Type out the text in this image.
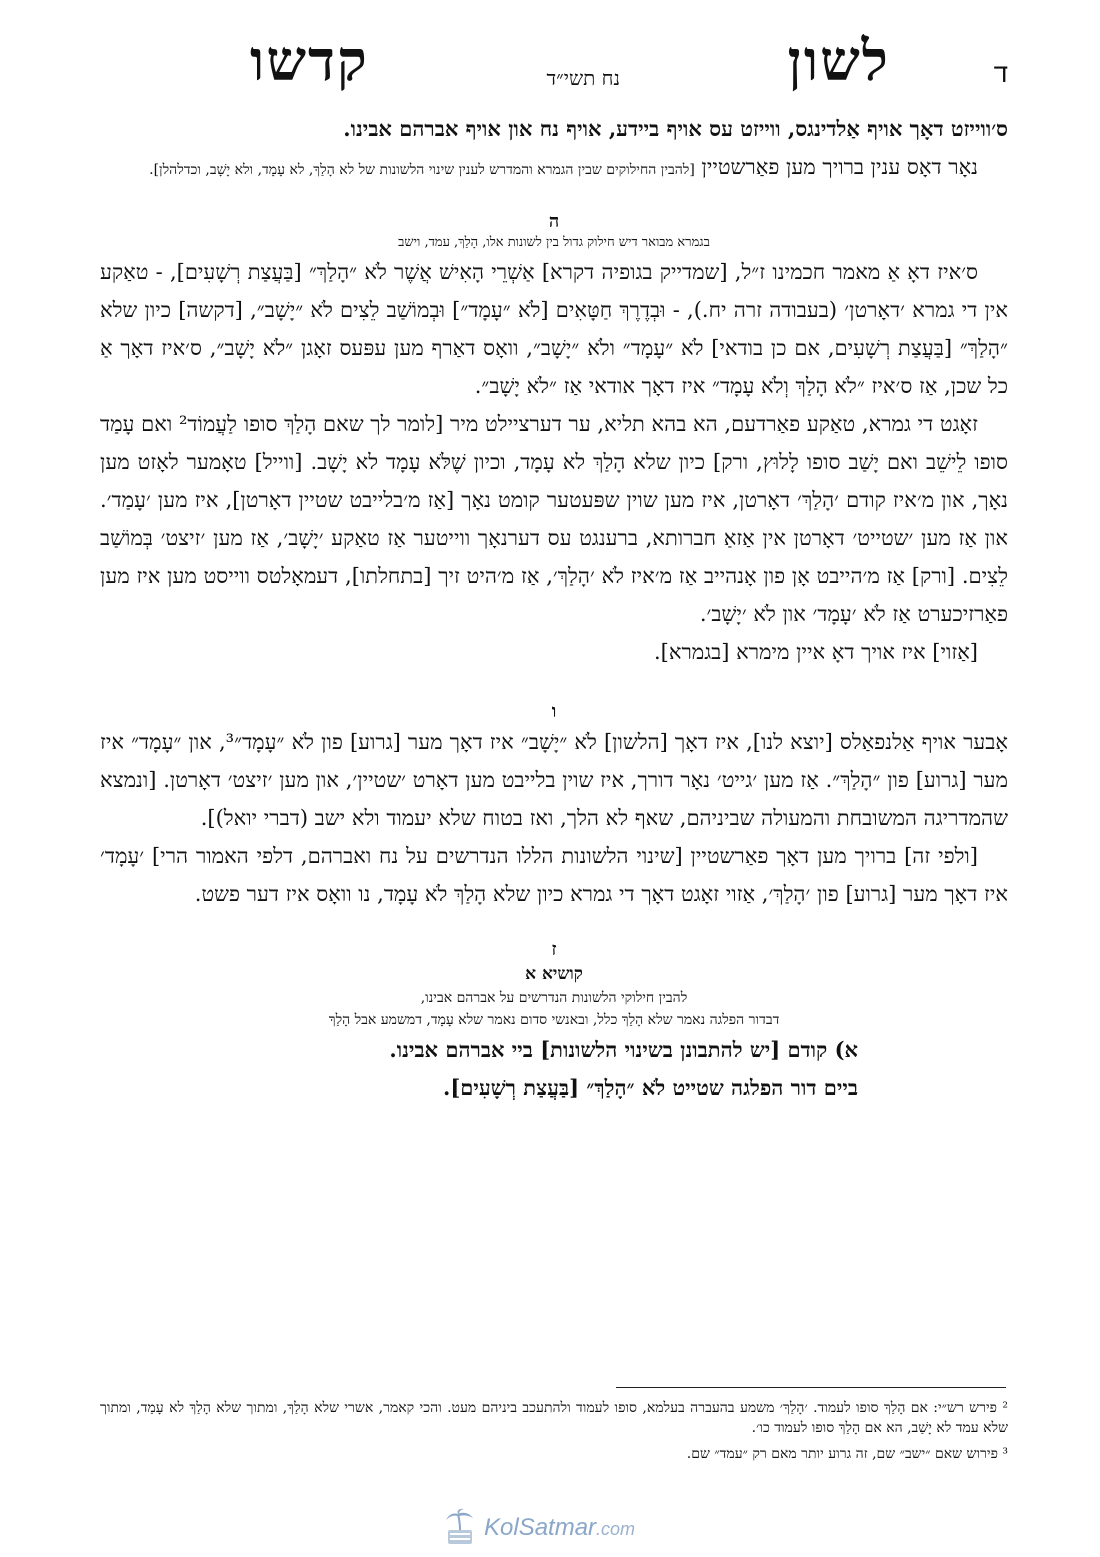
ד
לשון
נח תשי״ד
קדשו

ס׳ווייזט דאָך אויף אַלדינגס, ווייזט עס אויף ביידע, אויף נח און אויף אברהם אבינו.

נאָר דאָס ענין ברויך מען פאַרשטיין [להבין החילוקים שבין הגמרא והמדרש לענין שינוי הלשונות של לא הָלַךְ, לא עָמָד, ולא יָשָׁב, וכדלהלן].

ה
בגמרא מבואר דיש חילוק גדול בין לשונות אלו, הָלַךְ, עמד, וישב

ס׳איז דאָ אַ מאמר חכמינו ז״ל, [שמדייק בגופיה דקרא] אַשְׁרֵי הָאִישׁ אֲשֶׁר לֹא ״הָלַךְ״ [בַּעֲצַת רְשָׁעִים], - טאַקע אין די גמרא ׳דאָרטן׳ (בעבודה זרה יח.), - וּבְדֶרֶךְ חַטָּאִים [לֹא ״עָמָד״] וּבְמוֹשַׁב לֵצִים לֹא ״יָשָׁב״, [דקשה] כיון שלא ״הָלַךְ״ [בַּעֲצַת רְשָׁעִים, אם כן בודאי] לֹא ״עָמָד״ ולֹא ״יָשָׁב״, וואָס דאַרף מען עפּעס זאָגן ״לֹא יָשָׁב״, ס׳איז דאָך אַ כל שכן, אַז ס׳איז ״לֹא הָלַךְ וְלֹא עָמָד״ איז דאָך אודאי אַז ״לֹא יָשָׁב״.

זאָגט די גמרא, טאַקע פאַרדעם, הא בהא תליא, ער דערציילט מיר [לומר לך שאם הָלַךְ סופו לַעֲמוֹד² ואם עָמַד סופו לֵישֵׁב ואם יָשַׁב סופו לָלוּץ, ורק] כיון שלא הָלַךְ לא עָמָד, וכיון שֶׁלֹּא עָמָד לא יָשָׁב. [ווייל] טאָמער לאָזט מען נאָך, און מ׳איז קודם ׳הָלַךְ׳ דאָרטן, איז מען שוין שפּעטער קומט נאָך [אַז מ׳בלייבט שטיין דאָרטן], איז מען ׳עָמַד׳. און אַז מען ׳שטייט׳ דאָרטן אין אַזאַ חברותא, ברענגט עס דערנאָך ווייטער אַז טאַקע ׳יָשָׁב׳, אַז מען ׳זיצט׳ בְּמוֹשַׁב לֵצִים. [ורק] אַז מ׳הייבט אָן פון אָנהייב אַז מ׳איז לֹא ׳הָלַךְ׳, אַז מ׳היט זיך [בתחלתו], דעמאָלטס ווייסט מען איז מען פאַרזיכערט אַז לֹא ׳עָמָד׳ און לֹא ׳יָשָׁב׳.

[אַזוי] איז אויך דאָ איין מימרא [בגמרא].

ו

אָבער אויף אַלנפאַלס [יוצא לנו], איז דאָך [הלשון] לֹא ״יָשָׁב״ איז דאָך מער [גרוע] פון לֹא ״עָמָד״³, און ״עָמָד״ איז מער [גרוע] פון ״הָלַךְ״. אַז מען ׳גייט׳ נאָר דורך, איז שוין בלייבט מען דאָרט ׳שטיין׳, און מען ׳זיצט׳ דאָרטן. [ונמצא שהמדריגה המשובחת והמעולה שביניהם, שאף לא הלך, ואז בטוח שלא יעמוד ולא ישב (דברי יואל)].

[ולפי זה] ברויך מען דאָך פאַרשטיין [שינוי הלשונות הללו הנדרשים על נח ואברהם, דלפי האמור הרי] ׳עָמָד׳ איז דאָך מער [גרוע] פון ׳הָלַךְ׳, אַזוי זאָגט דאָך די גמרא כיון שלא הָלַךְ לֹא עָמָד, נו וואָס איז דער פשט.

ז
קושיא א
להבין חילוקי הלשונות הנדרשים על אברהם אבינו,
דבדור הפלגה נאמר שלא הָלַךְ כלל, ובאנשי סדום נאמר שלא עָמָד, דמשמע אבל הָלַךְ

א) קודם [יש להתבונן בשינוי הלשונות] ביי אברהם אבינו.

ביים דור הפלגה שטייט לֹא ״הָלַךְ״ [בַּעֲצַת רְשָׁעִים].

² פירש רש״י: אם הָלַךְ סופו לעמוד. ׳הָלַךְ׳ משמע בהעברה בעלמא, סופו לעמוד ולהתעכב ביניהם מעט. והכי קאמר, אשרי שלא הָלַךְ, ומתוך שלא הָלַךְ לא עָמַד, ומתוך שלא עמד לא יָשַׁב, הא אם הָלַךְ סופו לעמוד כו׳.

³ פירוש שאם ״ישב״ שם, זה גרוע יותר מאם רק ״עמד״ שם.

KolSatmar.com
